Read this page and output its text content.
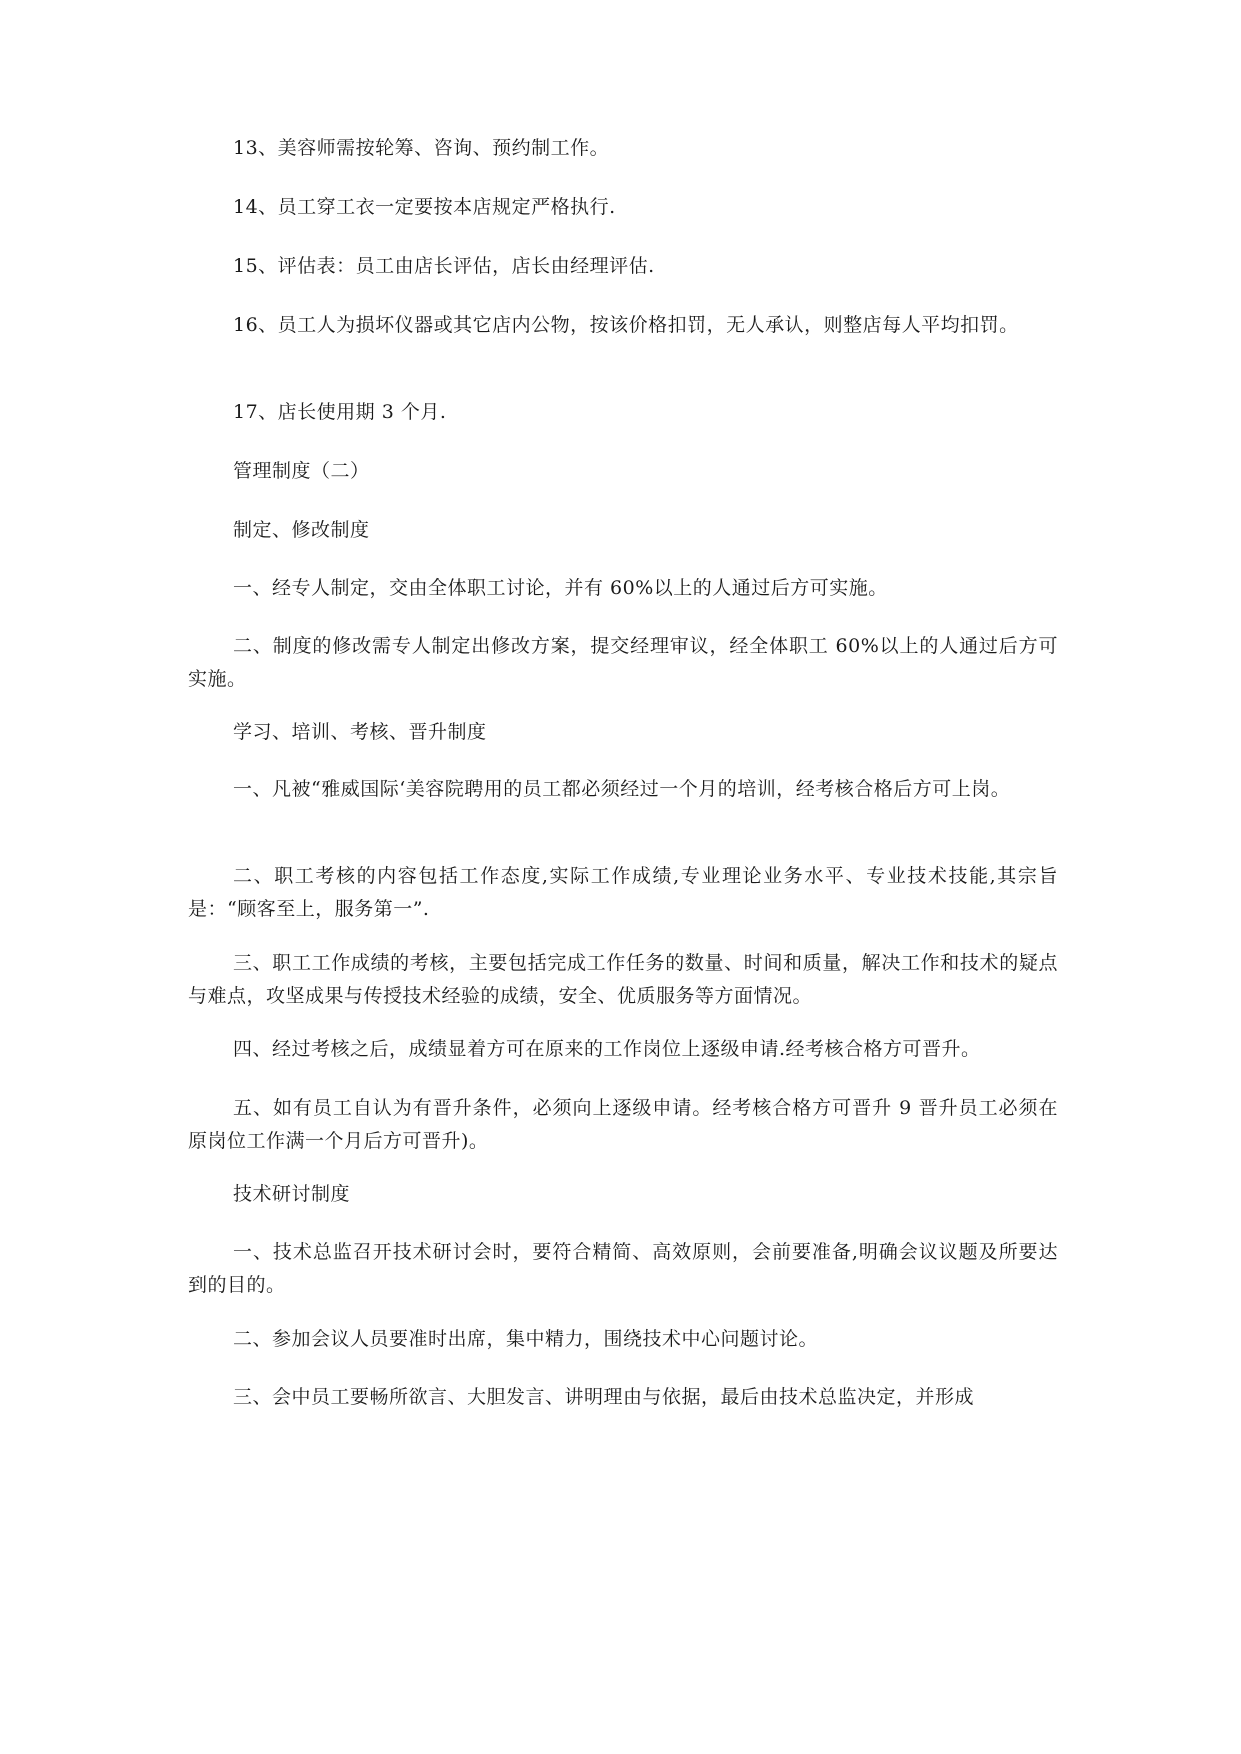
13、美容师需按轮筹、咨询、预约制工作。

14、员工穿工衣一定要按本店规定严格执行.

15、评估表：员工由店长评估，店长由经理评估.

16、员工人为损坏仪器或其它店内公物，按该价格扣罚，无人承认，则整店每人平均扣罚。

17、店长使用期 3 个月.

管理制度（二）

制定、修改制度

一、经专人制定，交由全体职工讨论，并有 60%以上的人通过后方可实施。

二、制度的修改需专人制定出修改方案，提交经理审议，经全体职工 60%以上的人通过后方可实施。

学习、培训、考核、晋升制度

一、凡被“雅威国际‘美容院聘用的员工都必须经过一个月的培训，经考核合格后方可上岗。

二、职工考核的内容包括工作态度,实际工作成绩,专业理论业务水平、专业技术技能,其宗旨是：“顾客至上，服务第一”.

三、职工工作成绩的考核，主要包括完成工作任务的数量、时间和质量，解决工作和技术的疑点与难点，攻坚成果与传授技术经验的成绩，安全、优质服务等方面情况。

四、经过考核之后，成绩显着方可在原来的工作岗位上逐级申请.经考核合格方可晋升。

五、如有员工自认为有晋升条件，必须向上逐级申请。经考核合格方可晋升 9 晋升员工必须在原岗位工作满一个月后方可晋升)。

技术研讨制度

一、技术总监召开技术研讨会时，要符合精简、高效原则，会前要准备,明确会议议题及所要达到的目的。

二、参加会议人员要准时出席，集中精力，围绕技术中心问题讨论。

三、会中员工要畅所欲言、大胆发言、讲明理由与依据，最后由技术总监决定，并形成
